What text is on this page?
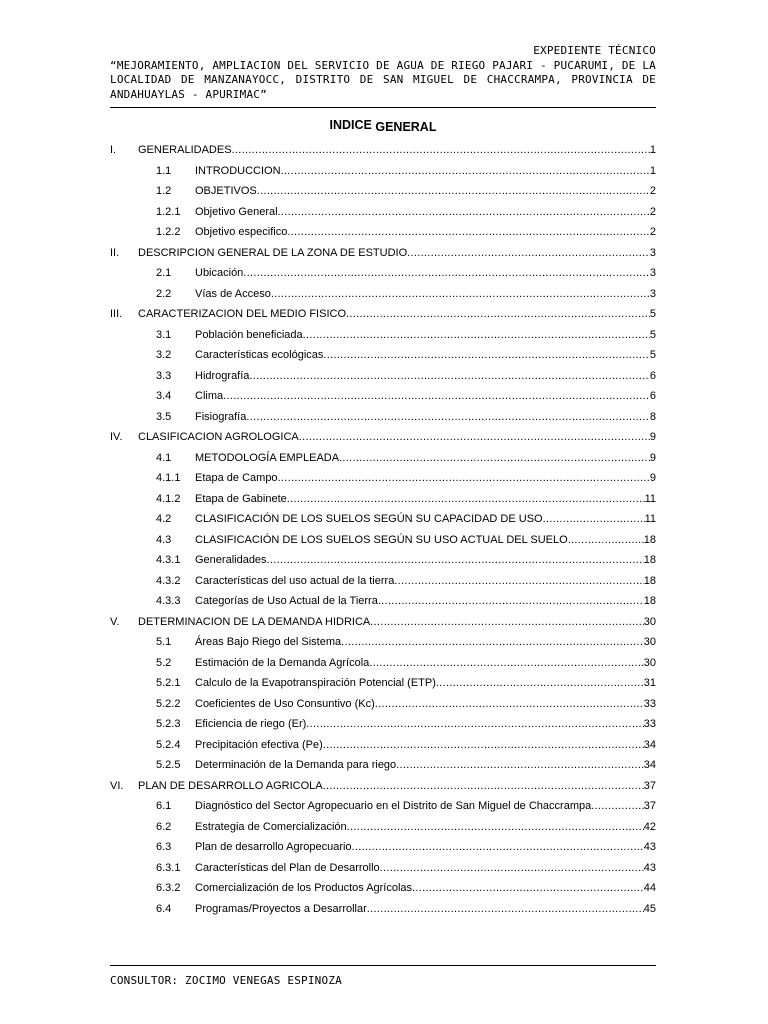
EXPEDIENTE TÉCNICO
“MEJORAMIENTO, AMPLIACION DEL SERVICIO DE AGUA DE RIEGO PAJARI - PUCARUMI, DE LA LOCALIDAD DE MANZANAYOCC, DISTRITO DE SAN MIGUEL DE CHACCRAMPA, PROVINCIA DE ANDAHUAYLAS - APURIMAC”
INDICE GENERAL
I. GENERALIDADES .....	1
1.1 INTRODUCCION .....	1
1.2 OBJETIVOS .....	2
1.2.1 Objetivo General .....	2
1.2.2 Objetivo especifico .....	2
II. DESCRIPCION GENERAL DE LA ZONA DE ESTUDIO .....	3
2.1 Ubicación .....	3
2.2 Vías de Acceso .....	3
III. CARACTERIZACION DEL MEDIO FISICO .....	5
3.1 Población beneficiada .....	5
3.2 Características ecológicas .....	5
3.3 Hidrografía .....	6
3.4 Clima .....	6
3.5 Fisiografía .....	8
IV. CLASIFICACION AGROLOGICA .....	9
4.1 METODOLOGÍA EMPLEADA .....	9
4.1.1 Etapa de Campo .....	9
4.1.2 Etapa de Gabinete .....	11
4.2 CLASIFICACIÓN DE LOS SUELOS SEGÚN SU CAPACIDAD DE USO .....	11
4.3 CLASIFICACIÓN DE LOS SUELOS SEGÚN SU USO ACTUAL DEL SUELO .....	18
4.3.1 Generalidades .....	18
4.3.2 Características del uso actual de la tierra .....	18
4.3.3 Categorías de Uso Actual de la Tierra .....	18
V. DETERMINACION DE LA DEMANDA HIDRICA .....	30
5.1 Áreas Bajo Riego del Sistema .....	30
5.2 Estimación de la Demanda Agrícola .....	30
5.2.1 Calculo de la Evapotranspiración Potencial (ETP) .....	31
5.2.2 Coeficientes de Uso Consuntivo (Kc) .....	33
5.2.3 Eficiencia de riego (Er) .....	33
5.2.4 Precipitación efectiva (Pe) .....	34
5.2.5 Determinación de la Demanda para riego .....	34
VI. PLAN DE DESARROLLO AGRICOLA .....	37
6.1 Diagnóstico del Sector Agropecuario en el Distrito de San Miguel de Chaccrampa .....	37
6.2 Estrategia de Comercialización .....	42
6.3 Plan de desarrollo Agropecuario .....	43
6.3.1 Características del Plan de Desarrollo .....	43
6.3.2 Comercialización de los Productos Agrícolas .....	44
6.4 Programas/Proyectos a Desarrollar .....	45
CONSULTOR: ZOCIMO VENEGAS ESPINOZA
